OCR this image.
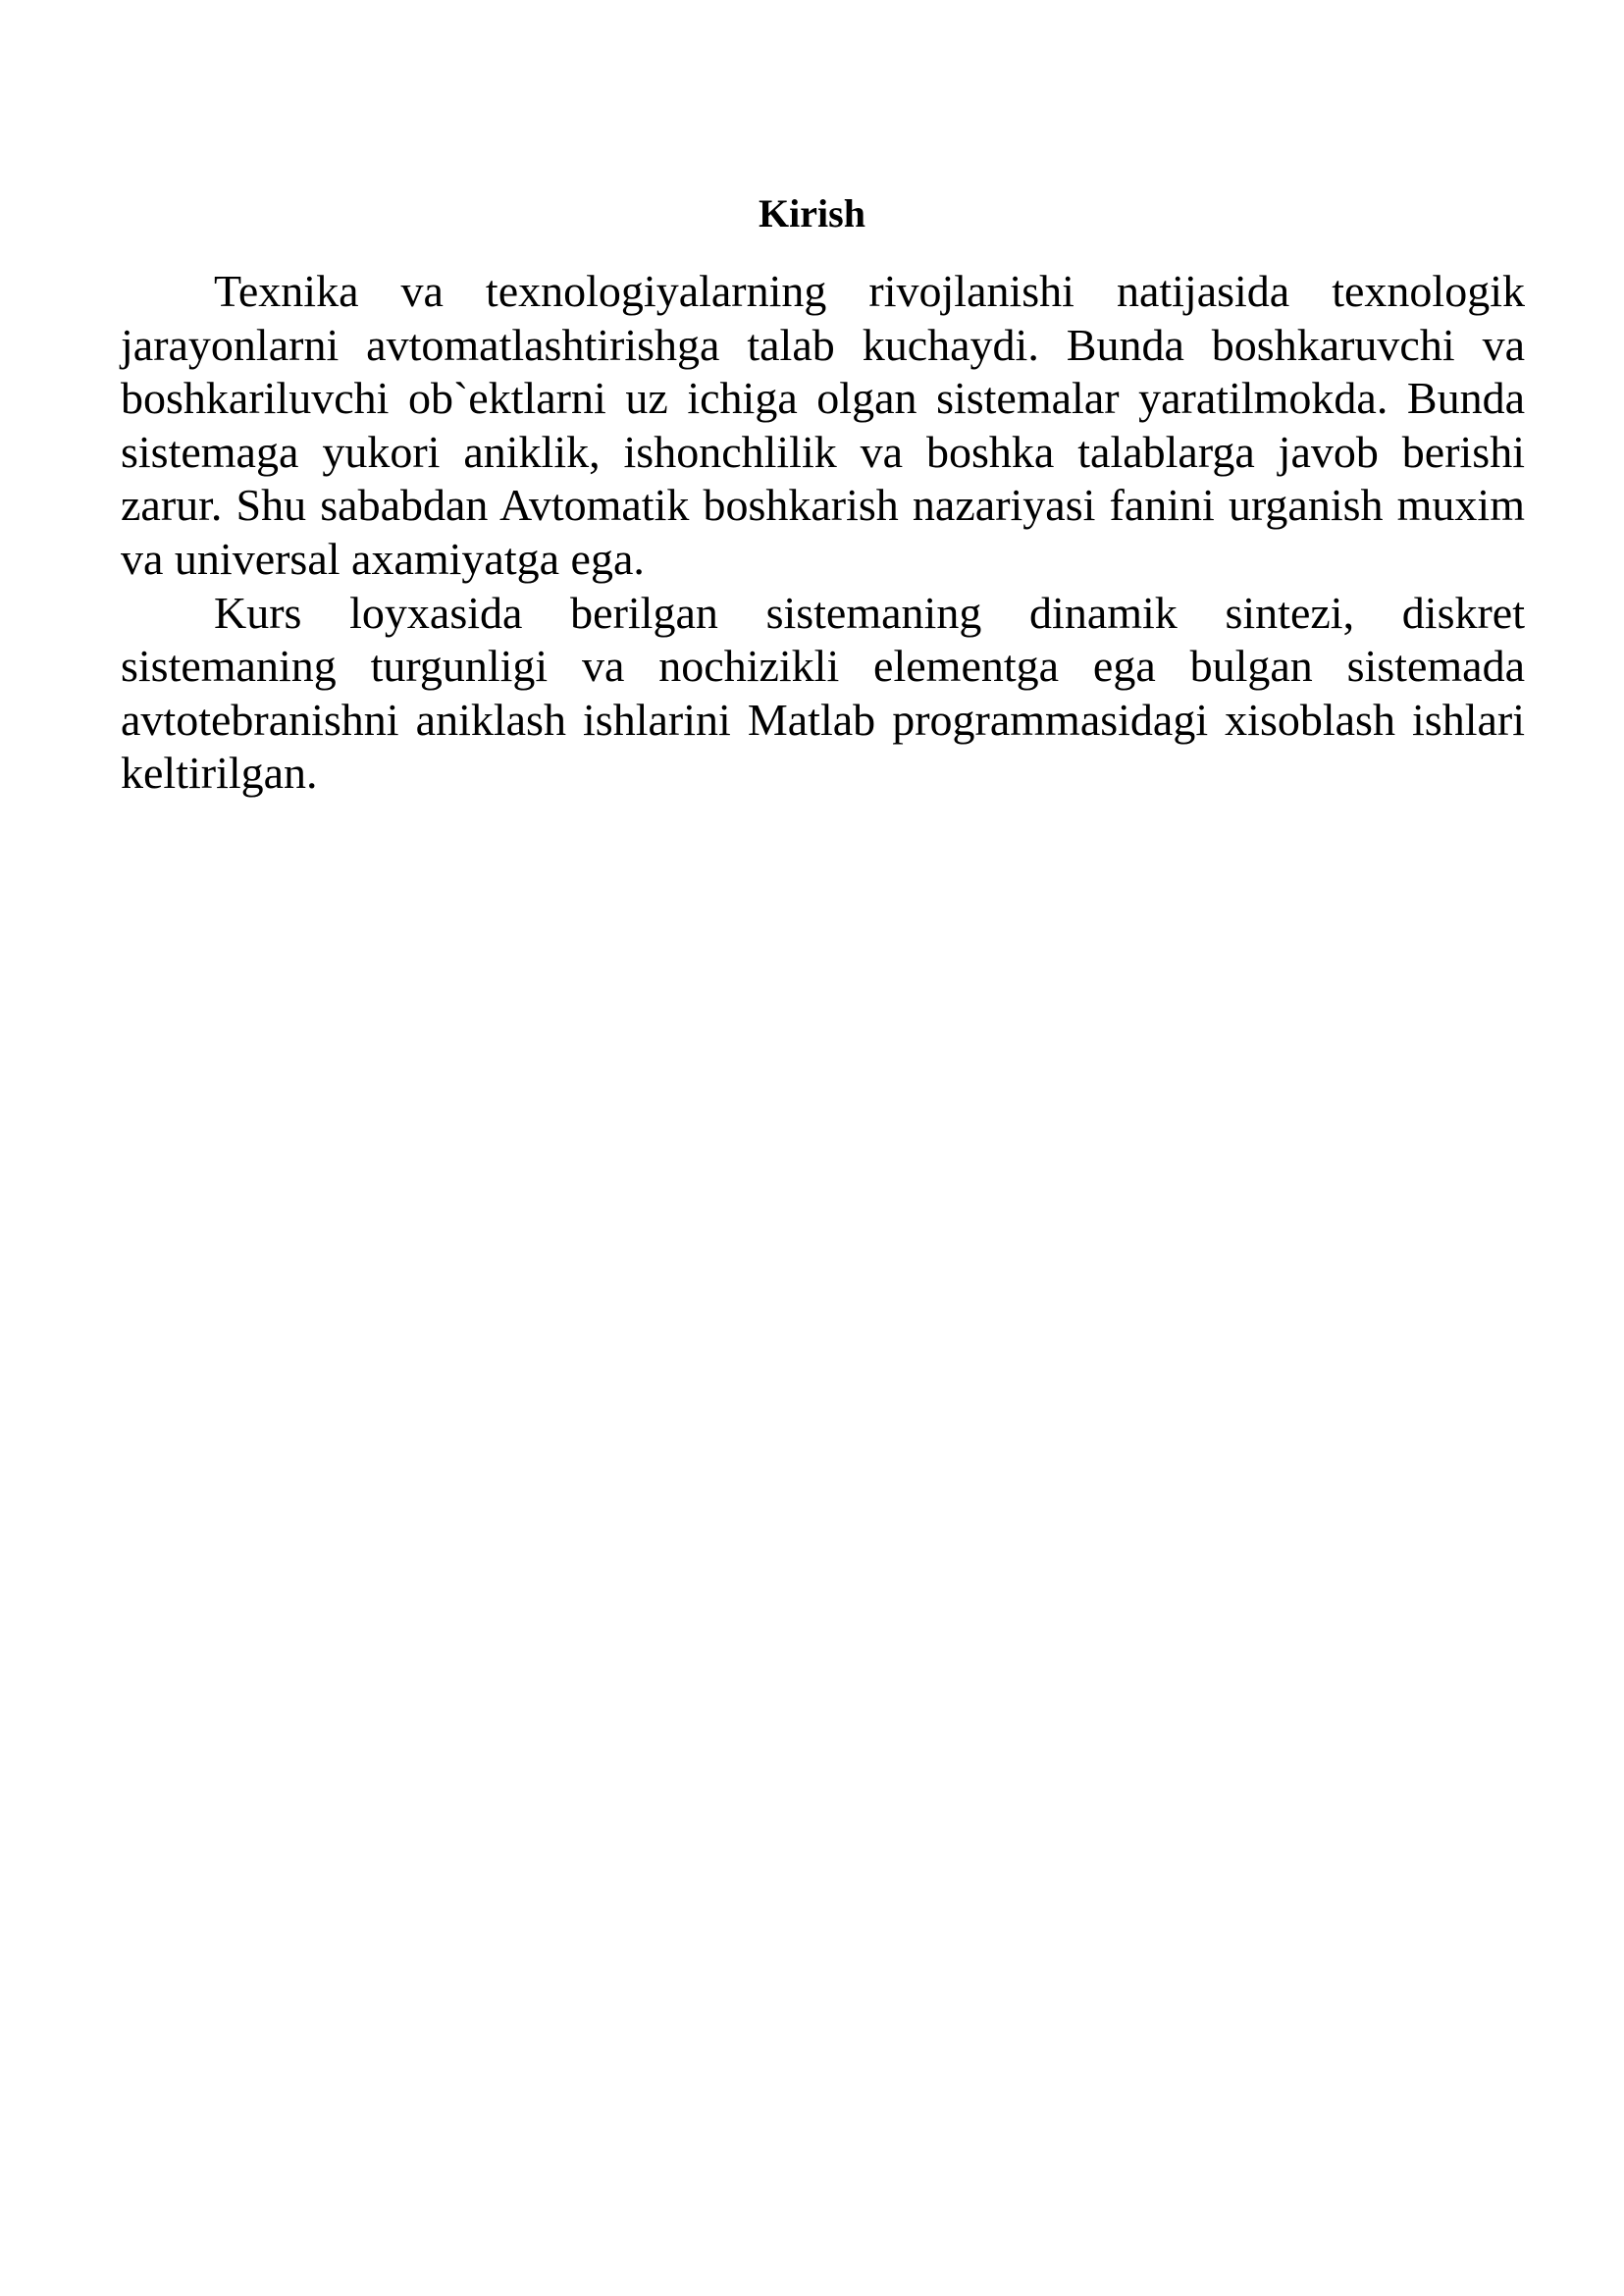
Kirish

Texnika va texnologiyalarning rivojlanishi natijasida texnologik jarayonlarni avtomatlashtirishga talab kuchaydi. Bunda boshkaruvchi va boshkariluvchi ob`ektlarni uz ichiga olgan sistemalar yaratilmokda. Bunda sistemaga yukori aniklik, ishonchlilik va boshka talablarga javob berishi zarur. Shu sababdan Avtomatik boshkarish nazariyasi fanini urganish muxim va universal axamiyatga ega.

Kurs loyxasida berilgan sistemaning dinamik sintezi, diskret sistemaning turgunligi va nochizikli elementga ega bulgan sistemada avtotebranishni aniklash ishlarini Matlab programmasidagi xisoblash ishlari keltirilgan.
